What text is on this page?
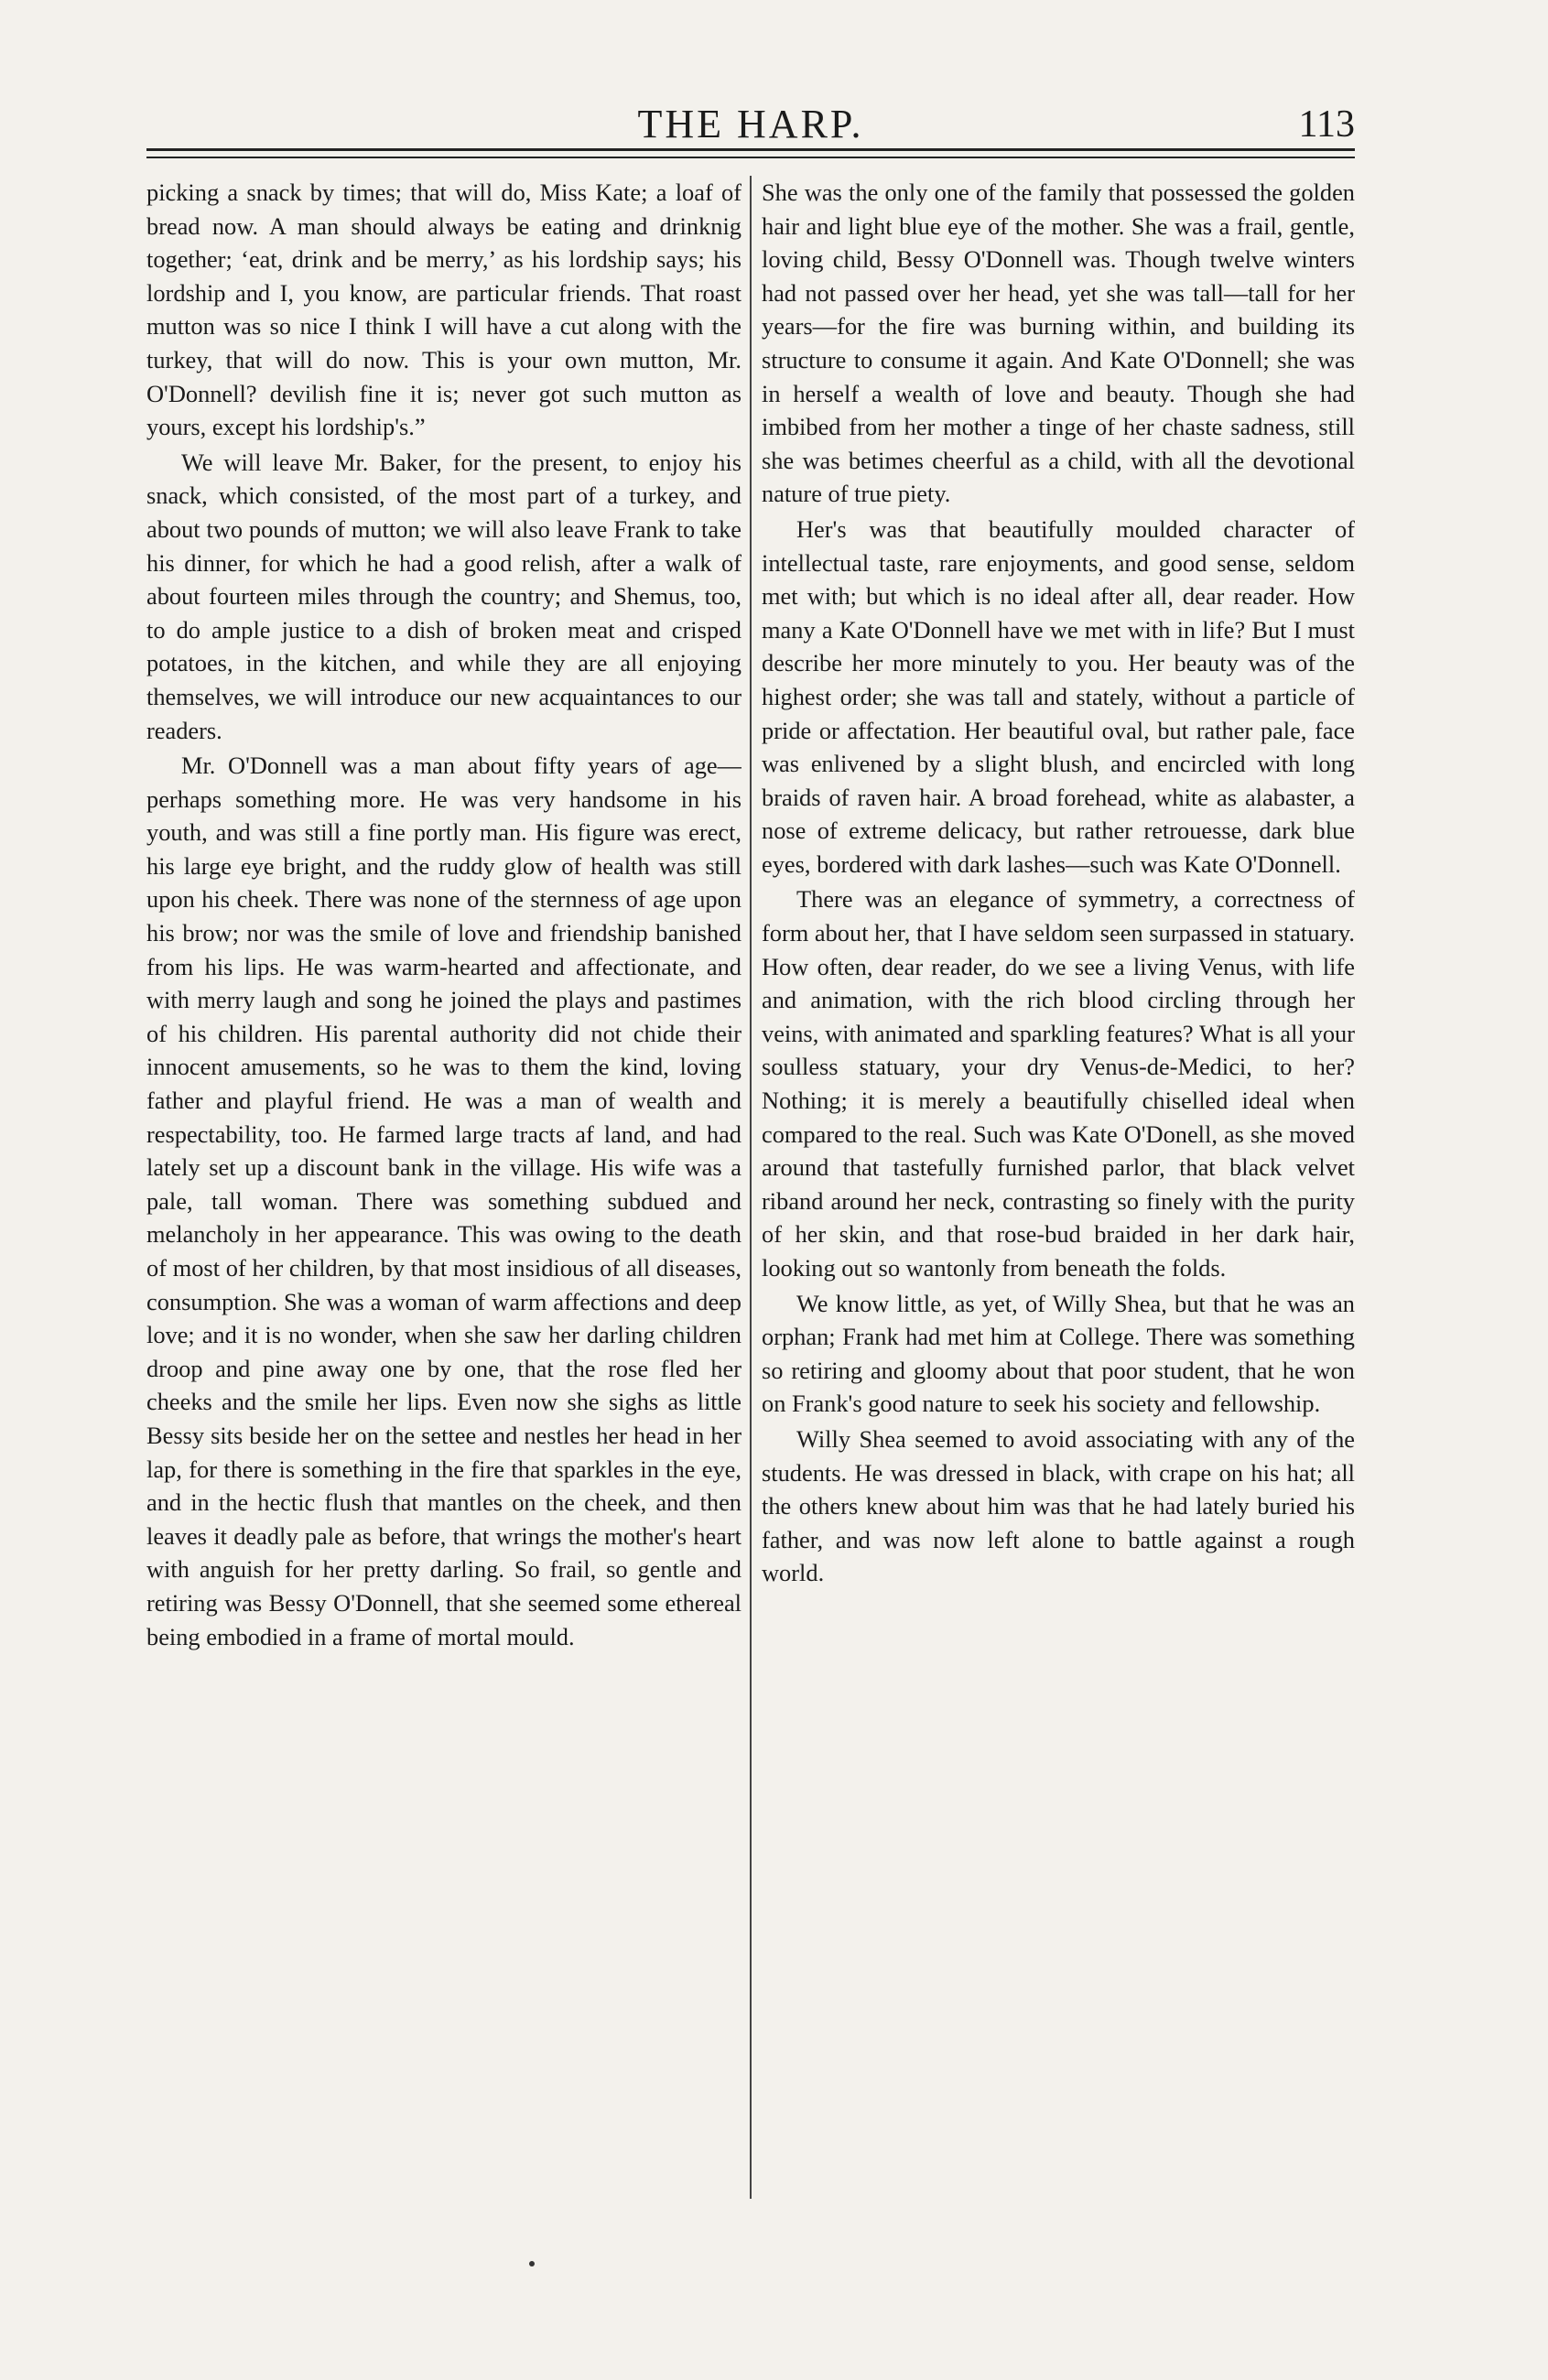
THE HARP.	113

picking a snack by times; that will do, Miss Kate; a loaf of bread now. A man should always be eating and drinknig together; ‘eat, drink and be merry,’ as his lordship says; his lordship and I, you know, are particular friends. That roast mutton was so nice I think I will have a cut along with the turkey, that will do now. This is your own mutton, Mr. O'Donnell? devilish fine it is; never got such mutton as yours, except his lordship's.”

We will leave Mr. Baker, for the present, to enjoy his snack, which consisted, of the most part of a turkey, and about two pounds of mutton; we will also leave Frank to take his dinner, for which he had a good relish, after a walk of about fourteen miles through the country; and Shemus, too, to do ample justice to a dish of broken meat and crisped potatoes, in the kitchen, and while they are all enjoying themselves, we will introduce our new acquaintances to our readers.

Mr. O'Donnell was a man about fifty years of age—perhaps something more. He was very handsome in his youth, and was still a fine portly man. His figure was erect, his large eye bright, and the ruddy glow of health was still upon his cheek. There was none of the sternness of age upon his brow; nor was the smile of love and friendship banished from his lips. He was warm-hearted and affectionate, and with merry laugh and song he joined the plays and pastimes of his children. His parental authority did not chide their innocent amusements, so he was to them the kind, loving father and playful friend. He was a man of wealth and respectability, too. He farmed large tracts af land, and had lately set up a discount bank in the village. His wife was a pale, tall woman. There was something subdued and melancholy in her appearance. This was owing to the death of most of her children, by that most insidious of all diseases, consumption. She was a woman of warm affections and deep love; and it is no wonder, when she saw her darling children droop and pine away one by one, that the rose fled her cheeks and the smile her lips. Even now she sighs as little Bessy sits beside her on the settee and nestles her head in her lap, for there is something in the fire that sparkles in the eye, and in the hectic flush that mantles on the cheek, and then leaves it deadly pale as before, that wrings the mother's heart with anguish for her pretty darling. So frail, so gentle and retiring was Bessy O'Donnell, that she seemed some ethereal being embodied in a frame of mortal mould.

She was the only one of the family that possessed the golden hair and light blue eye of the mother. She was a frail, gentle, loving child, Bessy O'Donnell was. Though twelve winters had not passed over her head, yet she was tall—tall for her years—for the fire was burning within, and building its structure to consume it again. And Kate O'Donnell; she was in herself a wealth of love and beauty. Though she had imbibed from her mother a tinge of her chaste sadness, still she was betimes cheerful as a child, with all the devotional nature of true piety.

Her's was that beautifully moulded character of intellectual taste, rare enjoyments, and good sense, seldom met with; but which is no ideal after all, dear reader. How many a Kate O'Donnell have we met with in life? But I must describe her more minutely to you. Her beauty was of the highest order; she was tall and stately, without a particle of pride or affectation. Her beautiful oval, but rather pale, face was enlivened by a slight blush, and encircled with long braids of raven hair. A broad forehead, white as alabaster, a nose of extreme delicacy, but rather retrouesse, dark blue eyes, bordered with dark lashes—such was Kate O'Donnell.

There was an elegance of symmetry, a correctness of form about her, that I have seldom seen surpassed in statuary. How often, dear reader, do we see a living Venus, with life and animation, with the rich blood circling through her veins, with animated and sparkling features? What is all your soulless statuary, your dry Venus-de-Medici, to her? Nothing; it is merely a beautifully chiselled ideal when compared to the real. Such was Kate O'Donell, as she moved around that tastefully furnished parlor, that black velvet riband around her neck, contrasting so finely with the purity of her skin, and that rose-bud braided in her dark hair, looking out so wantonly from beneath the folds.

We know little, as yet, of Willy Shea, but that he was an orphan; Frank had met him at College. There was something so retiring and gloomy about that poor student, that he won on Frank's good nature to seek his society and fellowship.

Willy Shea seemed to avoid associating with any of the students. He was dressed in black, with crape on his hat; all the others knew about him was that he had lately buried his father, and was now left alone to battle against a rough world.
